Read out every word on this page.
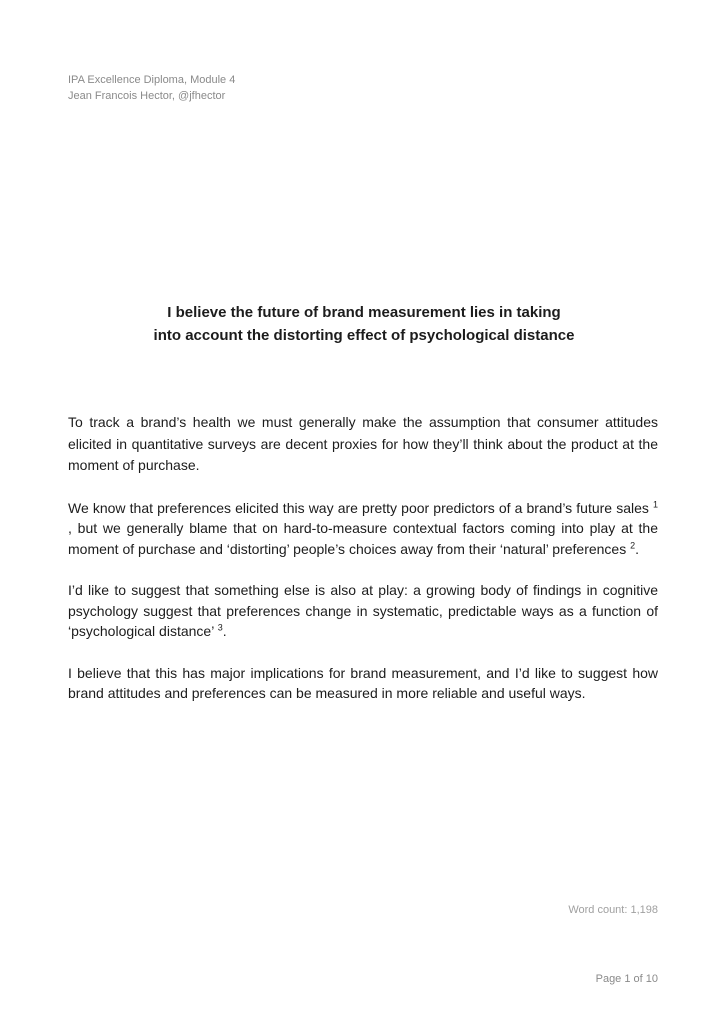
IPA Excellence Diploma, Module 4
Jean Francois Hector, @jfhector
I believe the future of brand measurement lies in taking
into account the distorting effect of psychological distance

To track a brand’s health we must generally make the assumption that consumer attitudes elicited in quantitative surveys are decent proxies for how they’ll think about the product at the moment of purchase.

We know that preferences elicited this way are pretty poor predictors of a brand’s future sales $^1$ , but we generally blame that on hard-to-measure contextual factors coming into play at the moment of purchase and ‘distorting’ people’s choices away from their ‘natural’ preferences $^2$.

I’d like to suggest that something else is also at play: a growing body of findings in cognitive psychology suggest that preferences change in systematic, predictable ways as a function of ‘psychological distance’ $^3$.

I believe that this has major implications for brand measurement, and I’d like to suggest how brand attitudes and preferences can be measured in more reliable and useful ways.

Word count: 1,198
Page 1 of 10
